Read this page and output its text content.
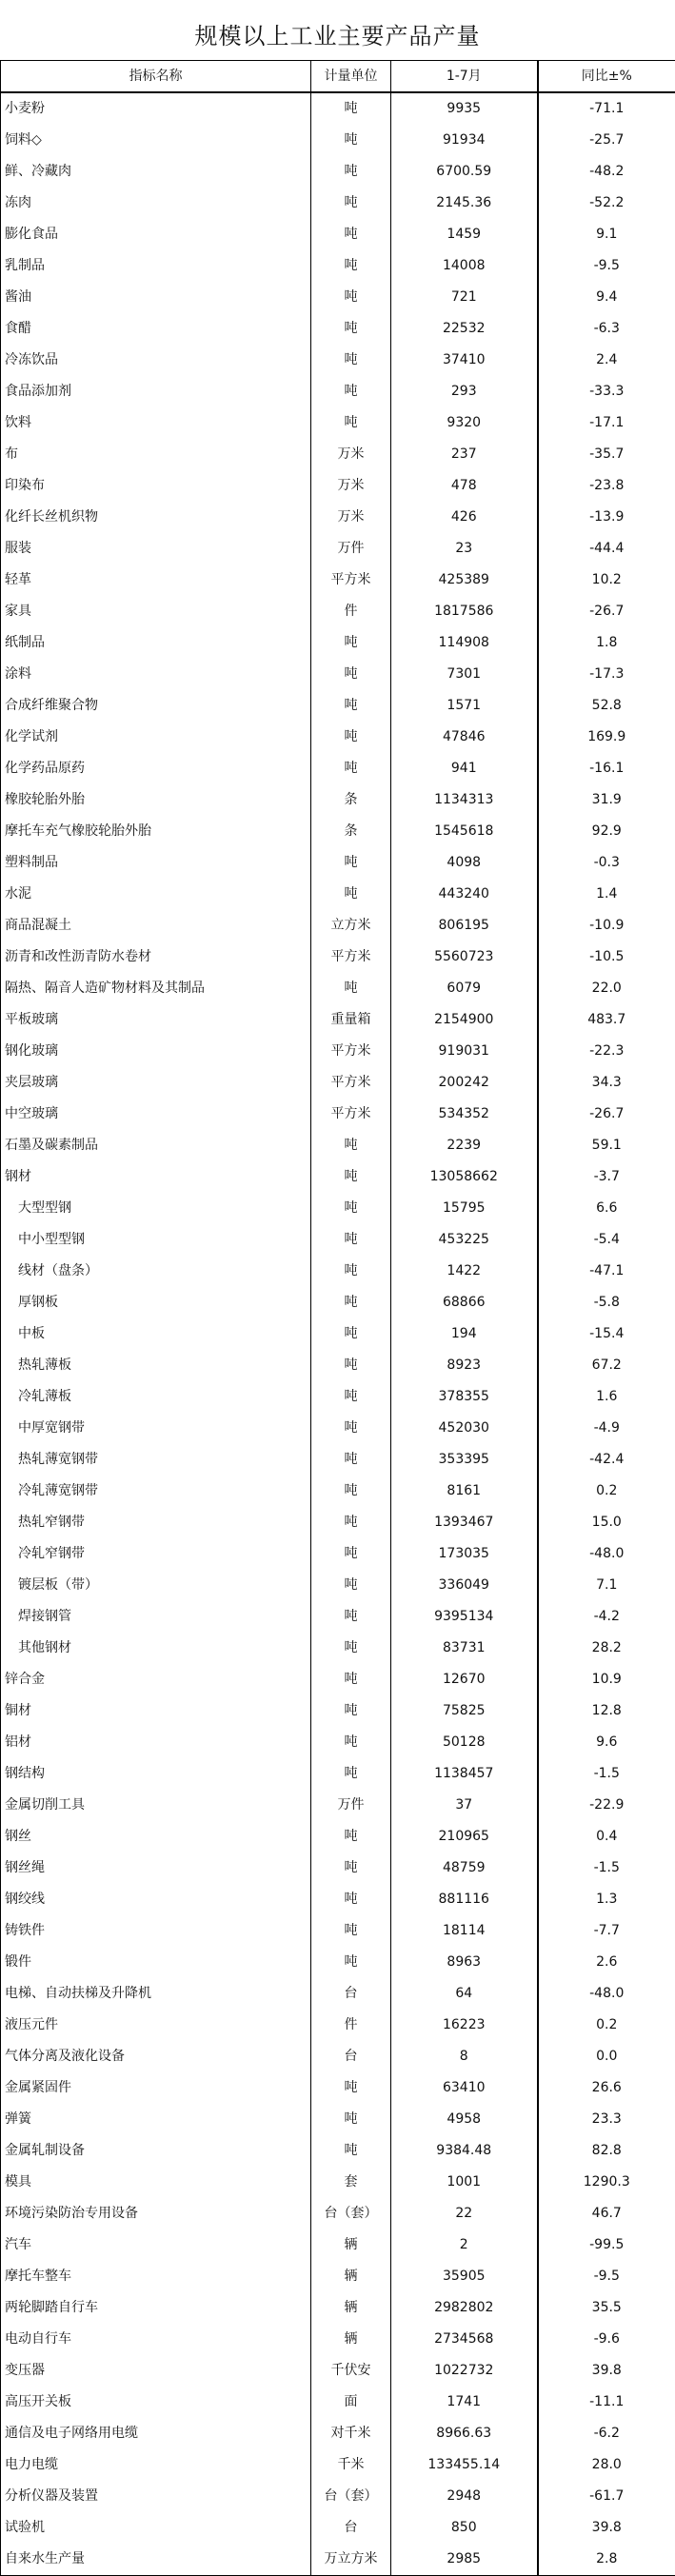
规模以上工业主要产品产量
指标名称	计量单位	1-7月	同比±%
小麦粉	吨	9935	-71.1
饲料◇	吨	91934	-25.7
鲜、冷藏肉	吨	6700.59	-48.2
冻肉	吨	2145.36	-52.2
膨化食品	吨	1459	9.1
乳制品	吨	14008	-9.5
酱油	吨	721	9.4
食醋	吨	22532	-6.3
冷冻饮品	吨	37410	2.4
食品添加剂	吨	293	-33.3
饮料	吨	9320	-17.1
布	万米	237	-35.7
印染布	万米	478	-23.8
化纤长丝机织物	万米	426	-13.9
服装	万件	23	-44.4
轻革	平方米	425389	10.2
家具	件	1817586	-26.7
纸制品	吨	114908	1.8
涂料	吨	7301	-17.3
合成纤维聚合物	吨	1571	52.8
化学试剂	吨	47846	169.9
化学药品原药	吨	941	-16.1
橡胶轮胎外胎	条	1134313	31.9
摩托车充气橡胶轮胎外胎	条	1545618	92.9
塑料制品	吨	4098	-0.3
水泥	吨	443240	1.4
商品混凝土	立方米	806195	-10.9
沥青和改性沥青防水卷材	平方米	5560723	-10.5
隔热、隔音人造矿物材料及其制品	吨	6079	22.0
平板玻璃	重量箱	2154900	483.7
钢化玻璃	平方米	919031	-22.3
夹层玻璃	平方米	200242	34.3
中空玻璃	平方米	534352	-26.7
石墨及碳素制品	吨	2239	59.1
钢材	吨	13058662	-3.7
大型型钢	吨	15795	6.6
中小型型钢	吨	453225	-5.4
线材（盘条）	吨	1422	-47.1
厚钢板	吨	68866	-5.8
中板	吨	194	-15.4
热轧薄板	吨	8923	67.2
冷轧薄板	吨	378355	1.6
中厚宽钢带	吨	452030	-4.9
热轧薄宽钢带	吨	353395	-42.4
冷轧薄宽钢带	吨	8161	0.2
热轧窄钢带	吨	1393467	15.0
冷轧窄钢带	吨	173035	-48.0
镀层板（带）	吨	336049	7.1
焊接钢管	吨	9395134	-4.2
其他钢材	吨	83731	28.2
锌合金	吨	12670	10.9
铜材	吨	75825	12.8
铝材	吨	50128	9.6
钢结构	吨	1138457	-1.5
金属切削工具	万件	37	-22.9
钢丝	吨	210965	0.4
钢丝绳	吨	48759	-1.5
钢绞线	吨	881116	1.3
铸铁件	吨	18114	-7.7
锻件	吨	8963	2.6
电梯、自动扶梯及升降机	台	64	-48.0
液压元件	件	16223	0.2
气体分离及液化设备	台	8	0.0
金属紧固件	吨	63410	26.6
弹簧	吨	4958	23.3
金属轧制设备	吨	9384.48	82.8
模具	套	1001	1290.3
环境污染防治专用设备	台（套）	22	46.7
汽车	辆	2	-99.5
摩托车整车	辆	35905	-9.5
两轮脚踏自行车	辆	2982802	35.5
电动自行车	辆	2734568	-9.6
变压器	千伏安	1022732	39.8
高压开关板	面	1741	-11.1
通信及电子网络用电缆	对千米	8966.63	-6.2
电力电缆	千米	133455.14	28.0
分析仪器及装置	台（套）	2948	-61.7
试验机	台	850	39.8
自来水生产量	万立方米	2985	2.8
